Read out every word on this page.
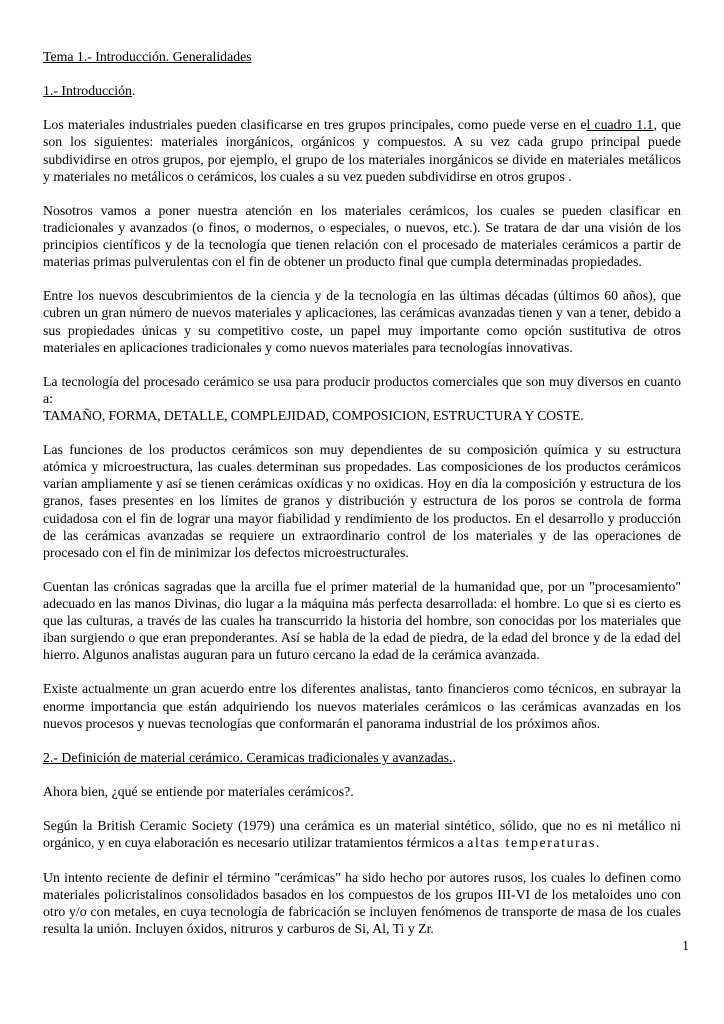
Tema 1.- Introducción. Generalidades
1.- Introducción.

Los materiales industriales pueden clasificarse en tres grupos principales, como puede verse en el cuadro 1.1, que son los siguientes: materiales inorgánicos, orgánicos y compuestos. A su vez cada grupo principal puede subdividirse en otros grupos, por ejemplo, el grupo de los materiales inorgánicos se divide en materiales metálicos y materiales no metálicos o cerámicos, los cuales a su vez pueden subdividirse en otros grupos .

Nosotros vamos a poner nuestra atención en los materiales cerámicos, los cuales se pueden clasificar en tradicionales y avanzados (o finos, o modernos, o especiales, o nuevos, etc.). Se tratara de dar una visión de los principios científicos y de la tecnología que tienen relación con el procesado de materiales cerámicos a partir de materias primas pulverulentas con el fin de obtener un producto final que cumpla determinadas propiedades.

Entre los nuevos descubrimientos de la ciencia y de la tecnología en las últimas décadas (últimos 60 años), que cubren un gran número de nuevos materiales y aplicaciones, las cerámicas avanzadas tienen y van a tener, debido a sus propiedades únicas y su competitivo coste, un papel muy importante como opción sustitutiva de otros materiales en aplicaciones tradicionales y como nuevos materiales para tecnologías innovativas.

La tecnología del procesado cerámico se usa para producir productos comerciales que son muy diversos en cuanto a:

TAMAÑO, FORMA, DETALLE, COMPLEJIDAD, COMPOSICION, ESTRUCTURA Y COSTE.

Las funciones de los productos cerámicos son muy dependientes de su composición química y su estructura atómica y microestructura, las cuales determinan sus propedades. Las composiciones de los productos cerámicos varían ampliamente y así se tienen cerámicas oxídicas y no oxidicas. Hoy en día la composición y estructura de los granos, fases presentes en los límites de granos y distribución y estructura de los poros se controla de forma cuidadosa con el fin de lograr una mayor fiabilidad y rendimiento de los productos. En el desarrollo y producción de las cerámicas avanzadas se requiere un extraordinario control de los materiales y de las operaciones de procesado con el fin de minimizar los defectos microestructurales.

Cuentan las crónicas sagradas que la arcilla fue el primer material de la humanidad que, por un "procesamiento" adecuado en las manos Divinas, dio lugar a la máquina más perfecta desarrollada: el hombre. Lo que si es cierto es que las culturas, a través de las cuales ha transcurrido la historia del hombre, son conocidas por los materiales que iban surgiendo o que eran preponderantes. Así se habla de la edad de piedra, de la edad del bronce y de la edad del hierro. Algunos analistas auguran para un futuro cercano la edad de la cerámica avanzada.

Existe actualmente un gran acuerdo entre los diferentes analistas, tanto financieros como técnicos, en subrayar la enorme importancia que están adquiriendo los nuevos materiales cerámicos o las cerámicas avanzadas en los nuevos procesos y nuevas tecnologías que conformarán el panorama industrial de los próximos años.

2.- Definición de material cerámico. Ceramicas tradicionales y avanzadas..

Ahora bien, ¿qué se entiende por materiales cerámicos?.

Según la British Ceramic Society (1979) una cerámica es un material sintético, sólido, que no es ni metálico ni orgánico, y en cuya elaboración es necesario utilizar tratamientos térmicos a altas temperaturas.

Un intento reciente de definir el término "cerámicas" ha sido hecho por autores rusos, los cuales lo definen como materiales policristalinos consolidados basados en los compuestos de los grupos III-VI de los metaloides uno con otro y/o con metales, en cuya tecnología de fabricación se incluyen fenómenos de transporte de masa de los cuales resulta la unión. Incluyen óxidos, nitruros y carburos de Si, Al, Ti y Zr.

1
